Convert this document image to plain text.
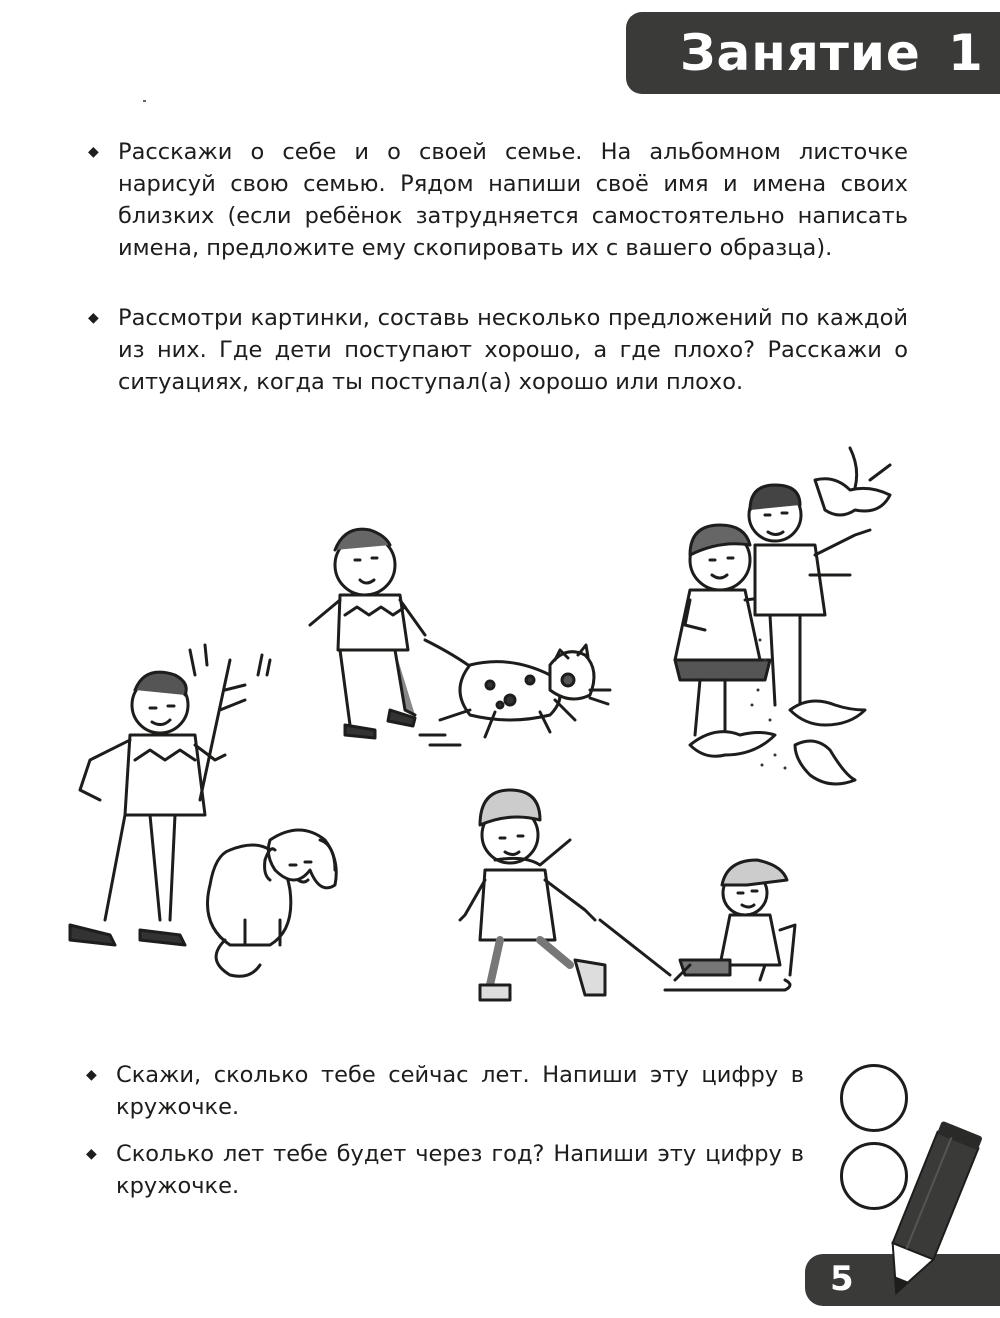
Занятие 1
◆ Расскажи о себе и о своей семье. На альбомном листочке нарисуй свою семью. Рядом напиши своё имя и имена своих близких (если ребёнок затрудняется самостоятельно написать имена, предложите ему скопировать их с вашего образца).
◆ Рассмотри картинки, составь несколько предложений по каждой из них. Где дети поступают хорошо, а где плохо? Расскажи о ситуациях, когда ты поступал(а) хорошо или плохо.
◆ Скажи, сколько тебе сейчас лет. Напиши эту цифру в кружочке.
◆ Сколько лет тебе будет через год? Напиши эту цифру в кружочке.
5
